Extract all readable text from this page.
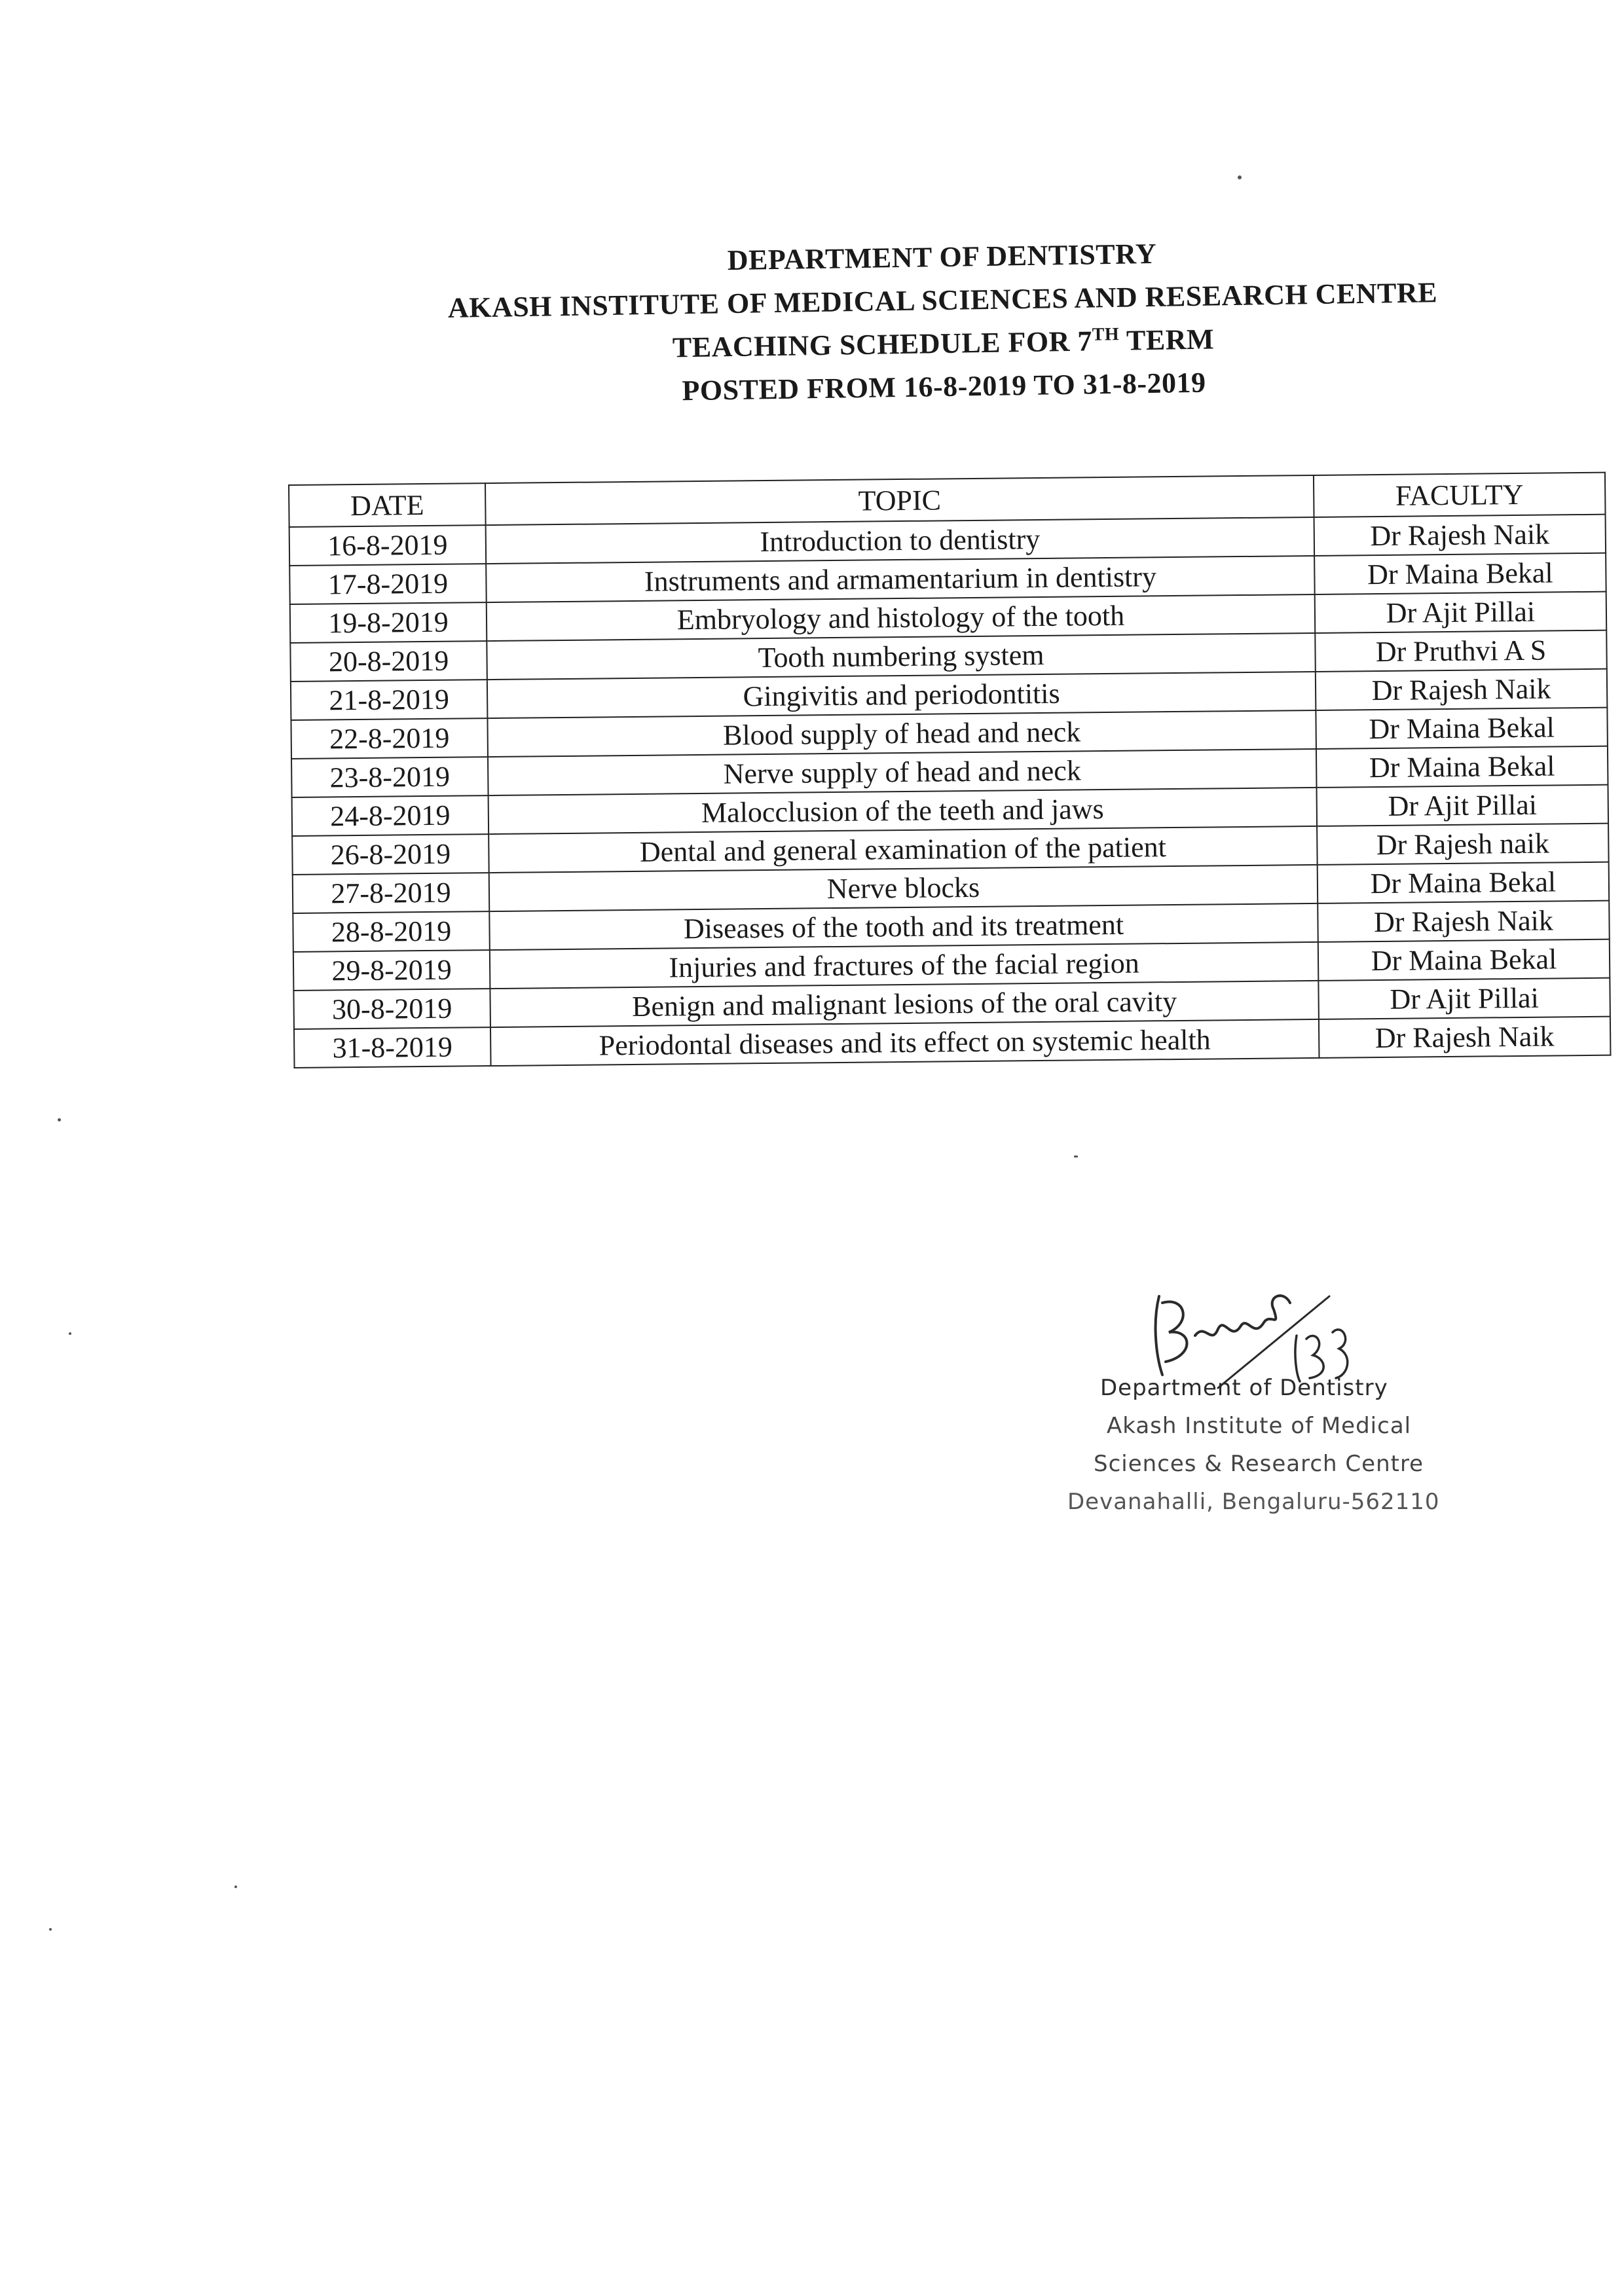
DEPARTMENT OF DENTISTRY
AKASH INSTITUTE OF MEDICAL SCIENCES AND RESEARCH CENTRE
TEACHING SCHEDULE FOR 7TH TERM
POSTED FROM 16-8-2019 TO 31-8-2019
DATE	TOPIC	FACULTY
16-8-2019	Introduction to dentistry	Dr Rajesh Naik
17-8-2019	Instruments and armamentarium in dentistry	Dr Maina Bekal
19-8-2019	Embryology and histology of the tooth	Dr Ajit Pillai
20-8-2019	Tooth numbering system	Dr Pruthvi A S
21-8-2019	Gingivitis and periodontitis	Dr Rajesh Naik
22-8-2019	Blood supply of head and neck	Dr Maina Bekal
23-8-2019	Nerve supply of head and neck	Dr Maina Bekal
24-8-2019	Malocclusion of the teeth and jaws	Dr Ajit Pillai
26-8-2019	Dental and general examination of the patient	Dr Rajesh naik
27-8-2019	Nerve blocks	Dr Maina Bekal
28-8-2019	Diseases of the tooth and its treatment	Dr Rajesh Naik
29-8-2019	Injuries and fractures of the facial region	Dr Maina Bekal
30-8-2019	Benign and malignant lesions of the oral cavity	Dr Ajit Pillai
31-8-2019	Periodontal diseases and its effect on systemic health	Dr Rajesh Naik
Department of Dentistry
Akash Institute of Medical
Sciences & Research Centre
Devanahalli, Bengaluru-562110
